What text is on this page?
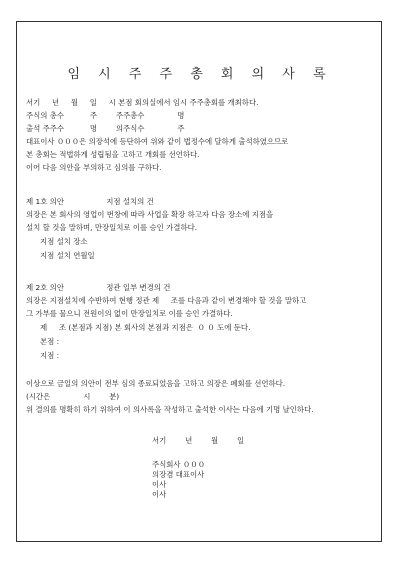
임 시 주 주 총 회 의 사 록
서기     년     월     일     시 본점 회의실에서 임시 주주총회를 개최하다.
주식의 총수           주        주주총수              명
출석 주주수           명        의주식수              주
대표이사 ０００은 의장석에 등단하여 위와 같이 법정수에 달하게 출석하였으므로
본 총회는 적법하게 성립됨을 고하고 개회를 선언하다.
이어 다음 의안을 부의하고 심의를 구하다.
제 1호 의안                  지점 설치의 건
의장은 본 회사의 영업이 번창에 따라 사업을 확장 하고자 다음 장소에 지점을
설치 할 것을 말하며, 만장일치로 이를 승인 가결하다.
지점 설치 장소
지점 설치 연월일
제 2호 의안                  정관 일부 변경의 건
의장은 지점설치에 수반하여 현행 정관 제     조를 다음과 같이 변경해야 할 것을 말하고
그 가부를 물으니 전원이의 없이 만장일치로 이를 승인 가결하다.
제     조 (본점과 지점) 본 회사의 본점과 지점은  ０ ０ 도에 둔다.
본점 :
지점 :
이상으로 금일의 의안이 전부 심의 종료되었음을 고하고 의장은 폐회를 선언하다.
(시간은              시        분)
위 결의를 명확히 하기 위하여 이 의사록을 작성하고 출석한 이사는 다음에 기명 날인하다.
서기        년        월        일
주식회사 ０００
의장겸 대표이사
이사
이사
